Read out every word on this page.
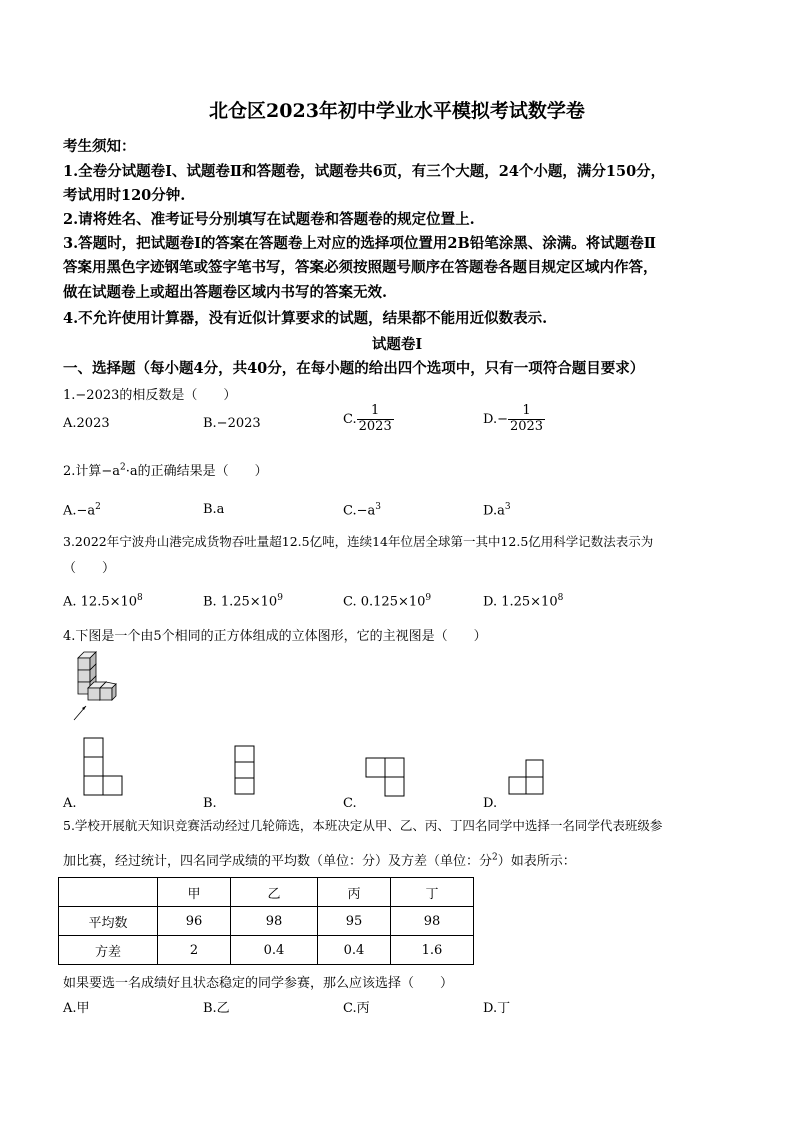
北仓区2023年初中学业水平模拟考试数学卷
考生须知：
1.全卷分试题卷Ⅰ、试题卷Ⅱ和答题卷，试题卷共6页，有三个大题，24个小题，满分150分，
考试用时120分钟.
2.请将姓名、准考证号分别填写在试题卷和答题卷的规定位置上.
3.答题时，把试题卷Ⅰ的答案在答题卷上对应的选择项位置用2B铅笔涂黑、涂满。将试题卷Ⅱ
答案用黑色字迹钢笔或签字笔书写，答案必须按照题号顺序在答题卷各题目规定区域内作答，
做在试题卷上或超出答题卷区域内书写的答案无效.
4.不允许使用计算器，没有近似计算要求的试题，结果都不能用近似数表示.
试题卷Ⅰ
一、选择题（每小题4分，共40分，在每小题的给出四个选项中，只有一项符合题目要求）
1.−2023的相反数是（　　）
A.2023	B.−2023	C. $\frac{1}{2023}$	$D.- \frac{1}{2023}$
2.计算$-a^2\cdot a$的正确结果是（　　）
$A.-a^2$	B.a	$C.-a^3$	$D.a^3$
3.2022年宁波舟山港完成货物吞吐量超12.5亿吨，连续14年位居全球第一其中12.5亿用科学记数法表示为
（　　）
A. $12.5\times 10^8$	B. $1.25\times 10^9$	C. $0.125\times 10^9$	D. $1.25\times 10^8$
4.下图是一个由5个相同的正方体组成的立体图形，它的主视图是（　　）
A.	B.	C.	D.
5.学校开展航天知识竞赛活动经过几轮筛选，本班决定从甲、乙、丙、丁四名同学中选择一名同学代表班级参
加比赛，经过统计，四名同学成绩的平均数（单位：分）及方差（单位：分$^2$）如表所示：
	甲	乙	丙	丁
平均数	96	98	95	98
方差	2	0.4	0.4	1.6
如果要选一名成绩好且状态稳定的同学参赛，那么应该选择（　　）
A.甲	B.乙	C.丙	D.丁
